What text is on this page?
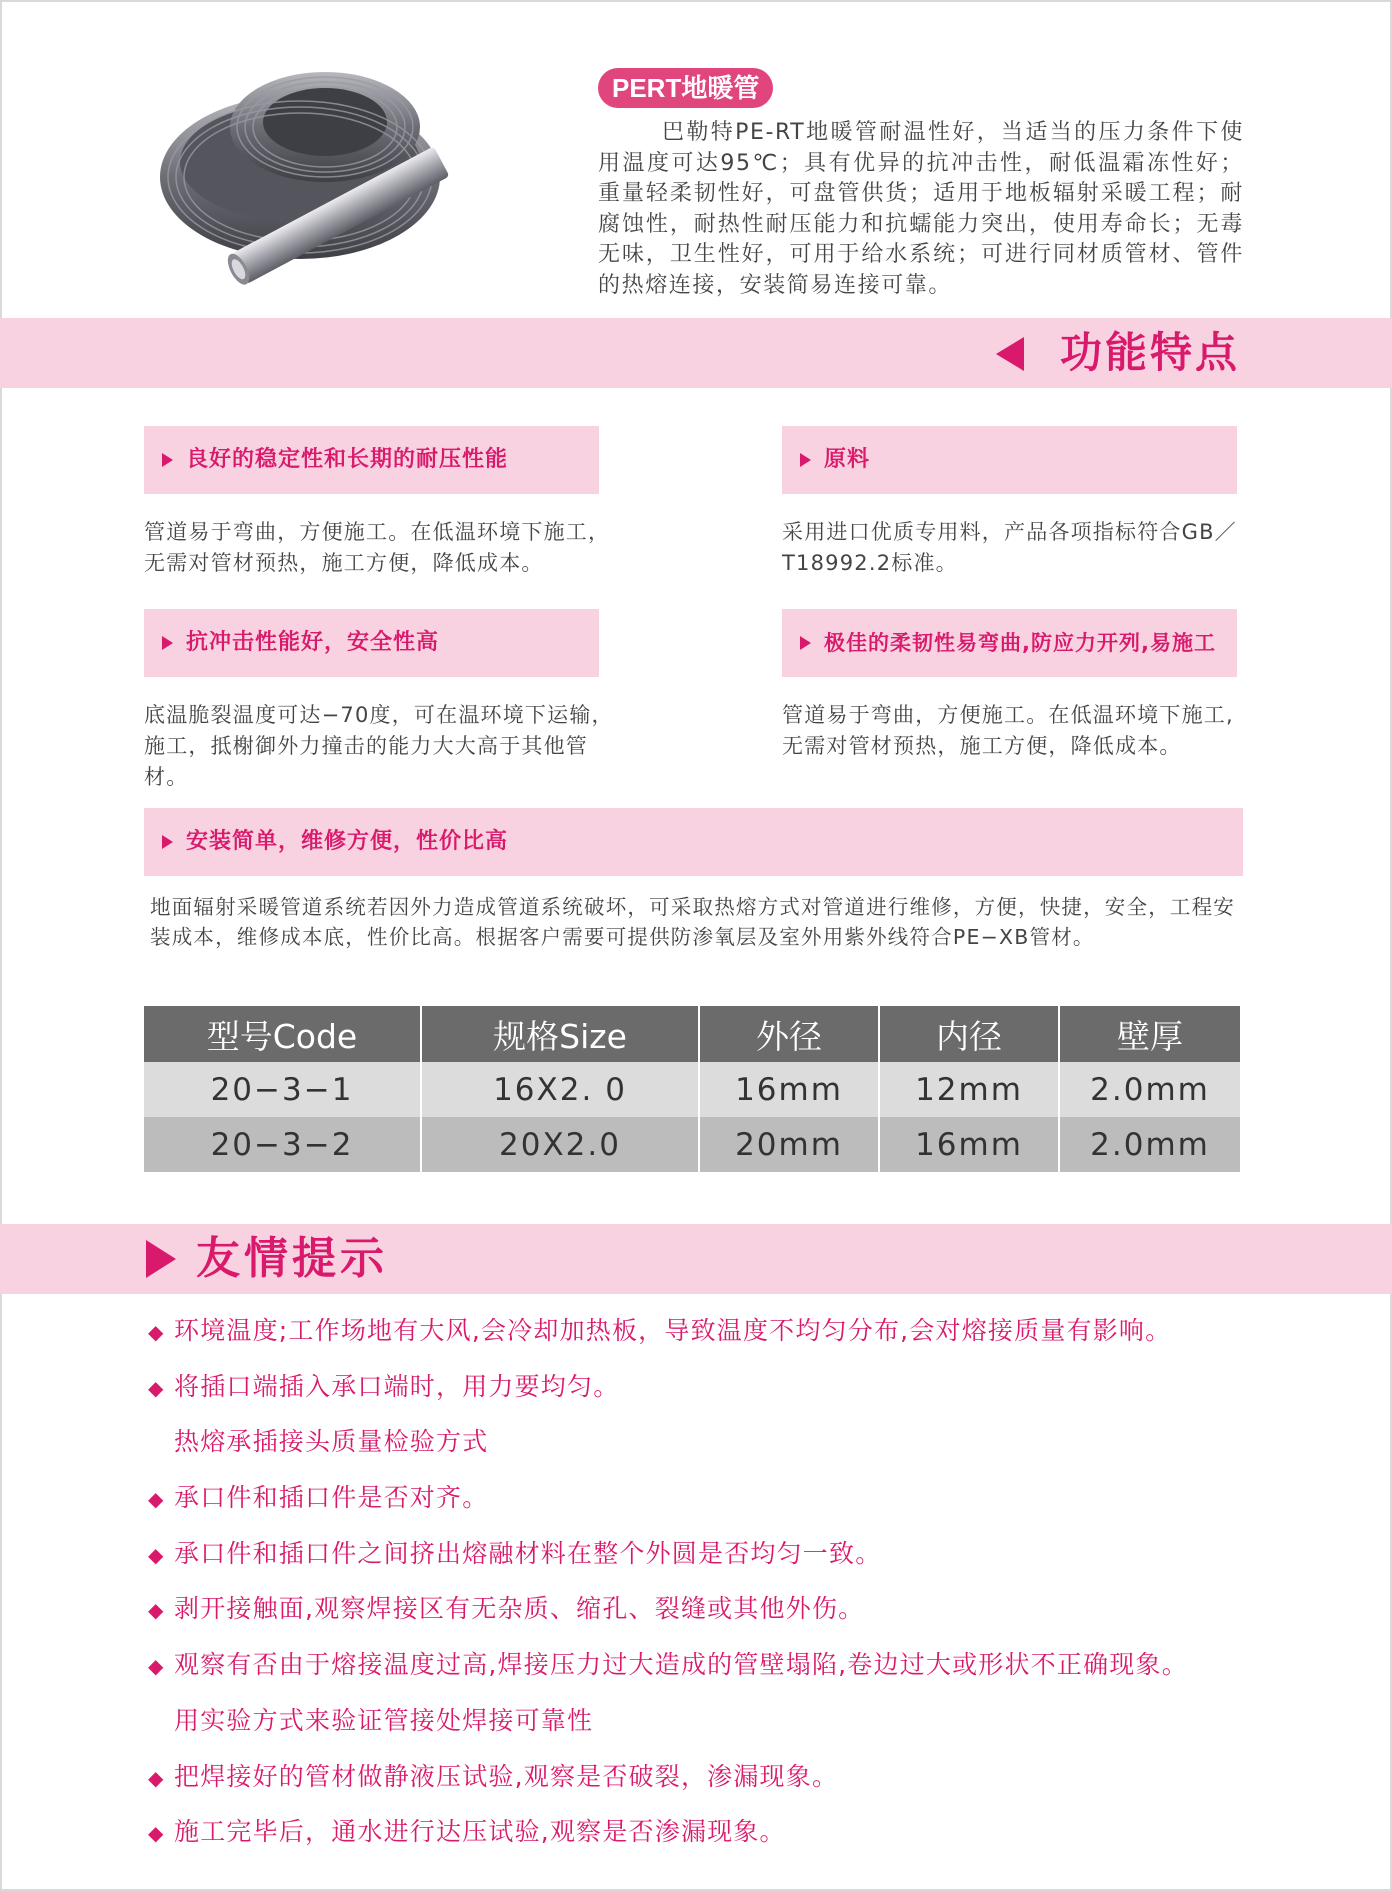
PERT地暖管
巴勒特PE-RT地暖管耐温性好，当适当的压力条件下使用温度可达95℃；具有优异的抗冲击性，耐低温霜冻性好；重量轻柔韧性好，可盘管供货；适用于地板辐射采暖工程；耐腐蚀性，耐热性耐压能力和抗蠕能力突出，使用寿命长；无毒无味，卫生性好，可用于给水系统；可进行同材质管材、管件的热熔连接，安装简易连接可靠。
功能特点
良好的稳定性和长期的耐压性能
管道易于弯曲，方便施工。在低温环境下施工，无需对管材预热，施工方便，降低成本。
原料
采用进口优质专用料，产品各项指标符合GB／T18992.2标准。
抗冲击性能好，安全性高
底温脆裂温度可达−70度，可在温环境下运输，施工，抵榭御外力撞击的能力大大高于其他管材。
极佳的柔韧性易弯曲,防应力开列,易施工
管道易于弯曲，方便施工。在低温环境下施工,无需对管材预热，施工方便，降低成本。
安装简单，维修方便，性价比高
地面辐射采暖管道系统若因外力造成管道系统破坏，可采取热熔方式对管道进行维修，方便，快捷，安全，工程安装成本，维修成本底，性价比高。根据客户需要可提供防渗氧层及室外用紫外线符合PE−XB管材。
型号Code	规格Size	外径	内径	壁厚
20−3−1	16X2. 0	16mm	12mm	2.0mm
20−3−2	20X2.0	20mm	16mm	2.0mm
友情提示
◆ 环境温度;工作场地有大风,会冷却加热板，导致温度不均匀分布,会对熔接质量有影响。
◆ 将插口端插入承口端时，用力要均匀。
热熔承插接头质量检验方式
◆ 承口件和插口件是否对齐。
◆ 承口件和插口件之间挤出熔融材料在整个外圆是否均匀一致。
◆ 剥开接触面,观察焊接区有无杂质、缩孔、裂缝或其他外伤。
◆ 观察有否由于熔接温度过高,焊接压力过大造成的管壁塌陷,卷边过大或形状不正确现象。
用实验方式来验证管接处焊接可靠性
◆ 把焊接好的管材做静液压试验,观察是否破裂，渗漏现象。
◆ 施工完毕后，通水进行达压试验,观察是否渗漏现象。
